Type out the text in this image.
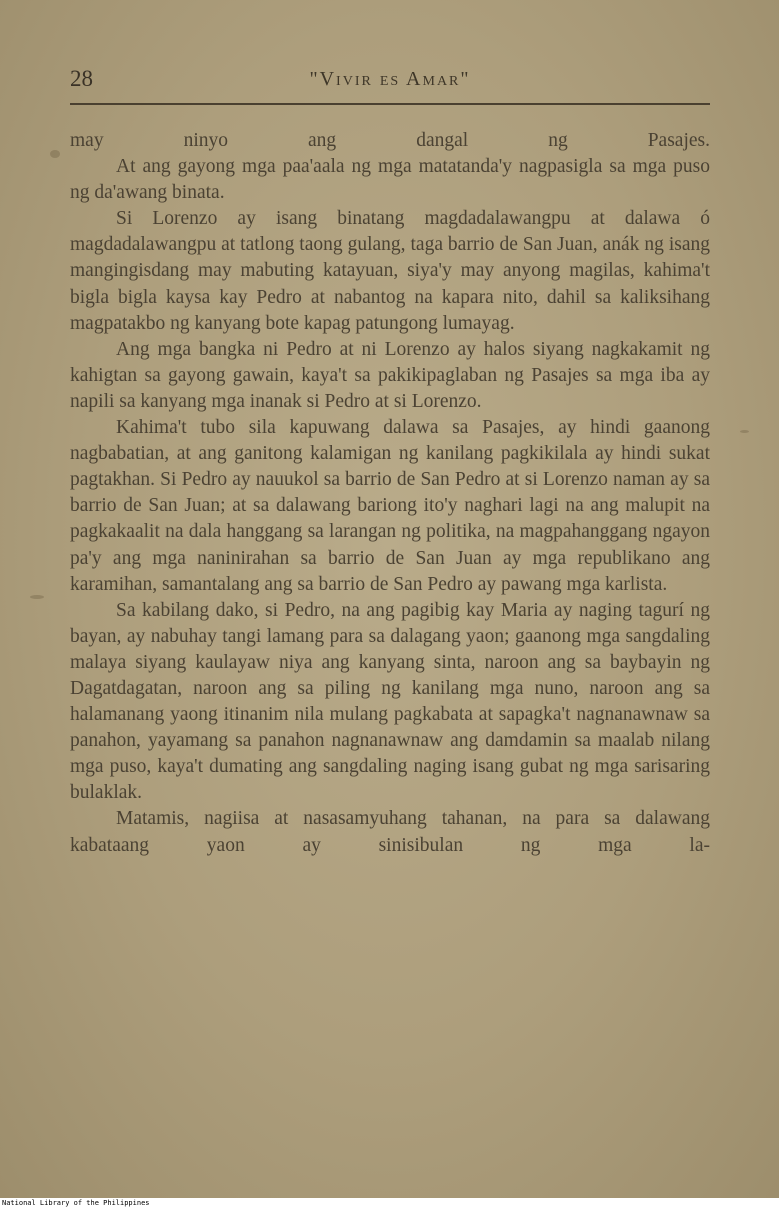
28	"Vivir es Amar"

may ninyo ang dangal ng Pasajes.

At ang gayong mga paa'aala ng mga matatanda'y nagpasigla sa mga puso ng da'awang binata.

Si Lorenzo ay isang binatang magdadalawangpu at dalawa ó magdadalawangpu at tatlong taong gulang, taga barrio de San Juan, anák ng isang mangingisdang may mabuting katayuan, siya'y may anyong magilas, kahima't bigla bigla kaysa kay Pedro at nabantog na kapara nito, dahil sa kaliksihang magpatakbo ng kanyang bote kapag patungong lumayag.

Ang mga bangka ni Pedro at ni Lorenzo ay halos siyang nagkakamit ng kahigtan sa gayong gawain, kaya't sa pakikipaglaban ng Pasajes sa mga iba ay napili sa kanyang mga inanak si Pedro at si Lorenzo.

Kahima't tubo sila kapuwang dalawa sa Pasajes, ay hindi gaanong nagbabatian, at ang ganitong kalamigan ng kanilang pagkikilala ay hindi sukat pagtakhan. Si Pedro ay nauukol sa barrio de San Pedro at si Lorenzo naman ay sa barrio de San Juan; at sa dalawang bariong ito'y naghari lagi na ang malupit na pagkakaalit na dala hanggang sa larangan ng politika, na magpahanggang ngayon pa'y ang mga naninirahan sa barrio de San Juan ay mga republikano ang karamihan, samantalang ang sa barrio de San Pedro ay pawang mga karlista.

Sa kabilang dako, si Pedro, na ang pagibig kay Maria ay naging tagurí ng bayan, ay nabuhay tangi lamang para sa dalagang yaon; gaanong mga sangdaling malaya siyang kaulayaw niya ang kanyang sinta, naroon ang sa baybayin ng Dagatdagatan, naroon ang sa piling ng kanilang mga nuno, naroon ang sa halamanang yaong itinanim nila mulang pagkabata at sapagka't nagnanawnaw sa panahon, yayamang sa panahon nagnanawnaw ang damdamin sa maalab nilang mga puso, kaya't dumating ang sangdaling naging isang gubat ng mga sarisaring bulaklak.

Matamis, nagiisa at nasasamyuhang tahanan, na para sa dalawang kabataang yaon ay sinisibulan ng mga la-

National Library of the Philippines
